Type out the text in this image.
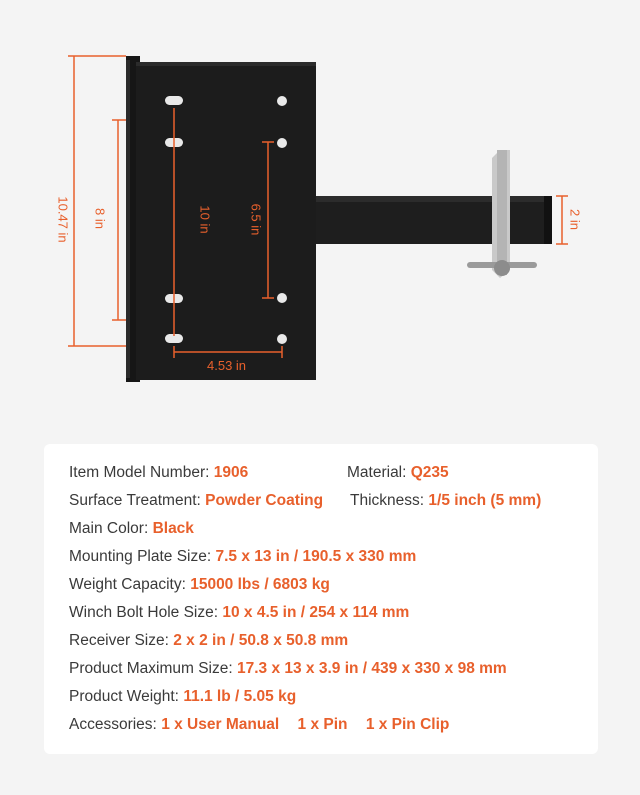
10.47 in 8 in	10 in	6.5 in	2 in
4.53 in
Item Model Number: 1906	Material: Q235
Surface Treatment: Powder Coating Thickness: 1/5 inch (5 mm)
Main Color: Black
Mounting Plate Size: 7.5 x 13 in / 190.5 x 330 mm
Weight Capacity: 15000 lbs / 6803 kg
Winch Bolt Hole Size: 10 x 4.5 in / 254 x 114 mm
Receiver Size: 2 x 2 in / 50.8 x 50.8 mm
Product Maximum Size: 17.3 x 13 x 3.9 in / 439 x 330 x 98 mm
Product Weight: 11.1 lb / 5.05 kg
Accessories: 1 x User Manual 1 x Pin 1 x Pin Clip
